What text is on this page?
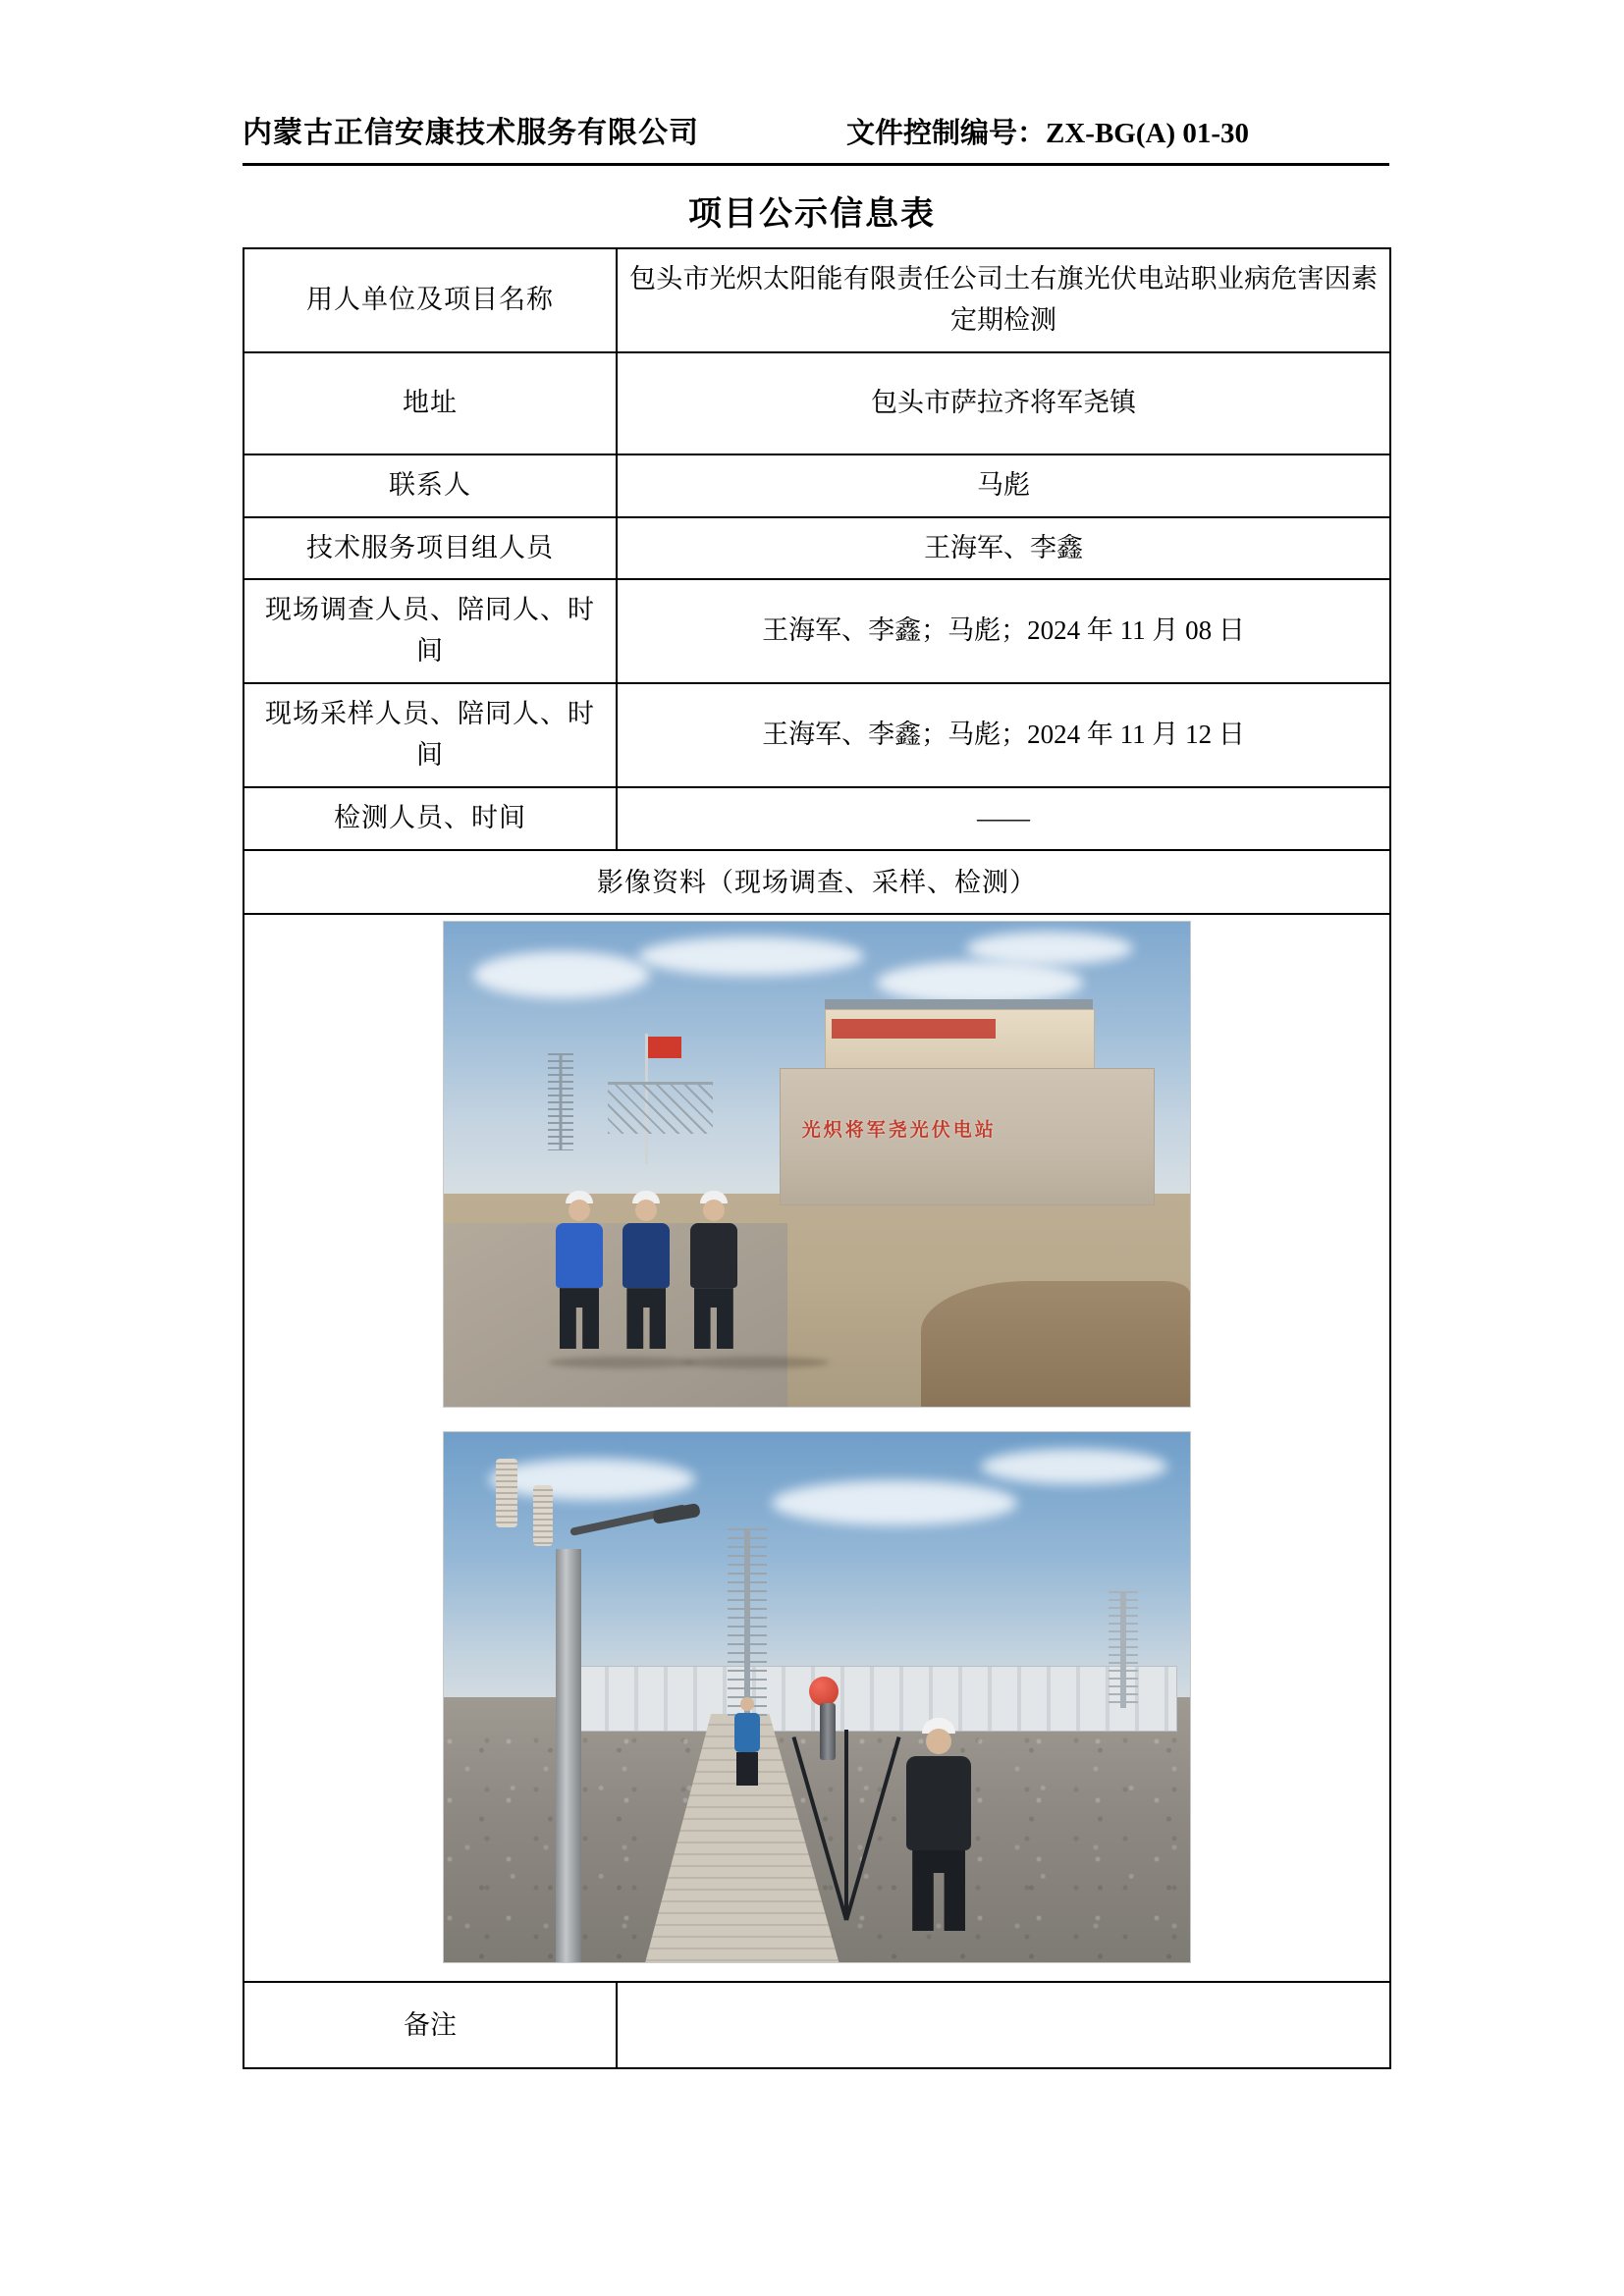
内蒙古正信安康技术服务有限公司	文件控制编号：ZX-BG(A) 01-30
项目公示信息表
用人单位及项目名称	包头市光炽太阳能有限责任公司土右旗光伏电站职业病危害因素定期检测
地址	包头市萨拉齐将军尧镇
联系人	马彪
技术服务项目组人员	王海军、李鑫
现场调查人员、陪同人、时间	王海军、李鑫；马彪；2024 年 11 月 08 日
现场采样人员、陪同人、时间	王海军、李鑫；马彪；2024 年 11 月 12 日
检测人员、时间	——
影像资料（现场调查、采样、检测）	

光炽将军尧光伏电站	

备注	
